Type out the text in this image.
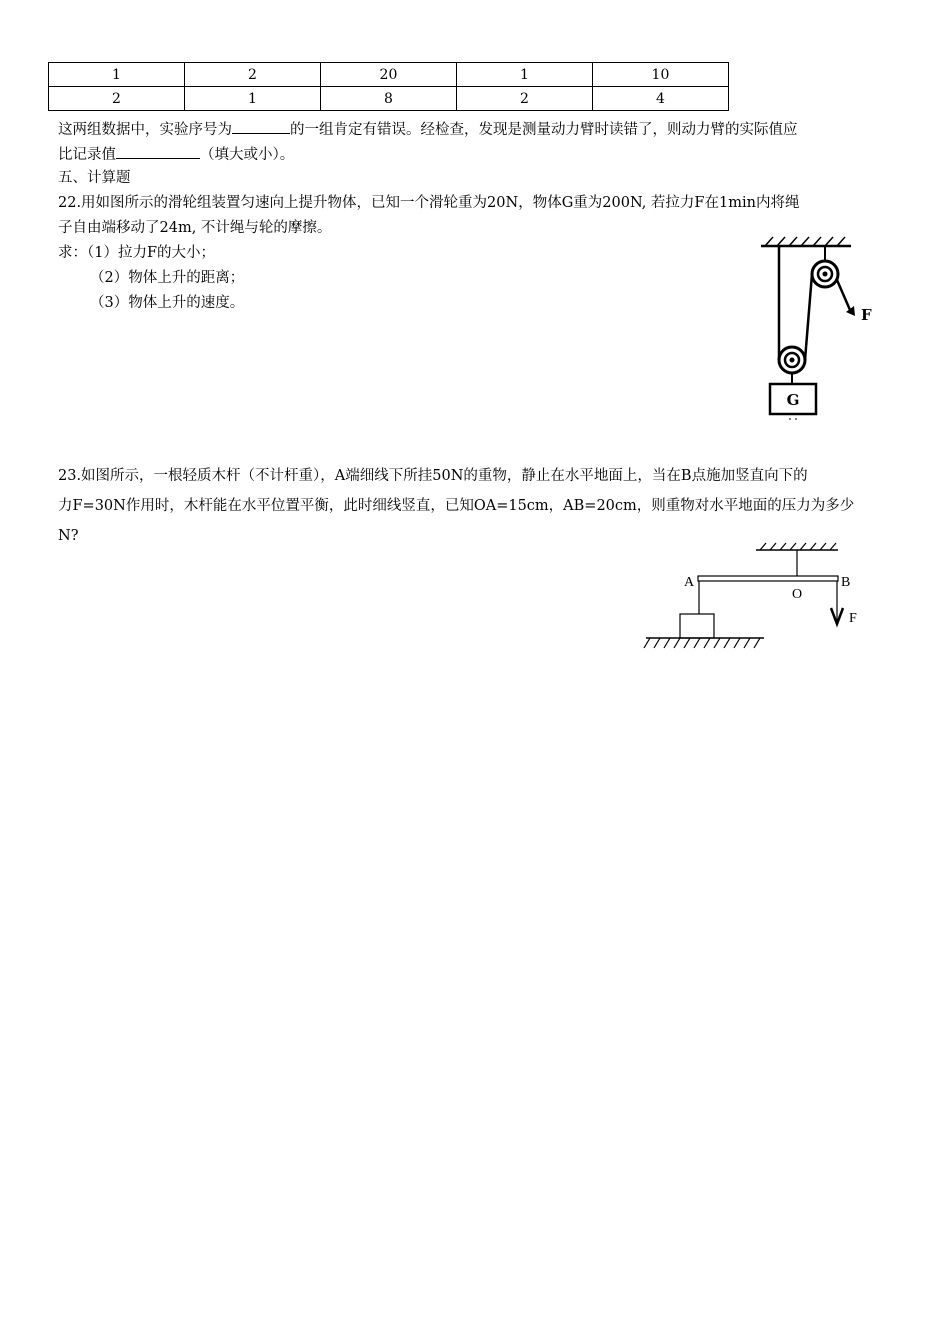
1	2	20	1	10
2	1	8	2	4
这两组数据中，实验序号为	的一组肯定有错误。经检查，发现是测量动力臂时读错了，则动力臂的实际值应
比记录值	（填大或小）。
五、计算题
22.用如图所示的滑轮组装置匀速向上提升物体，已知一个滑轮重为20N，物体G重为200N, 若拉力F在1min内将绳
子自由端移动了24m, 不计绳与轮的摩擦。
求：（1）拉力F的大小；
（2）物体上升的距离；
（3）物体上升的速度。
F
G
23.如图所示，一根轻质木杆（不计杆重），A端细线下所挂50N的重物，静止在水平地面上，当在B点施加竖直向下的
力F=30N作用时，木杆能在水平位置平衡，此时细线竖直，已知OA=15cm，AB=20cm，则重物对水平地面的压力为多少
N?
A	B
O
F
